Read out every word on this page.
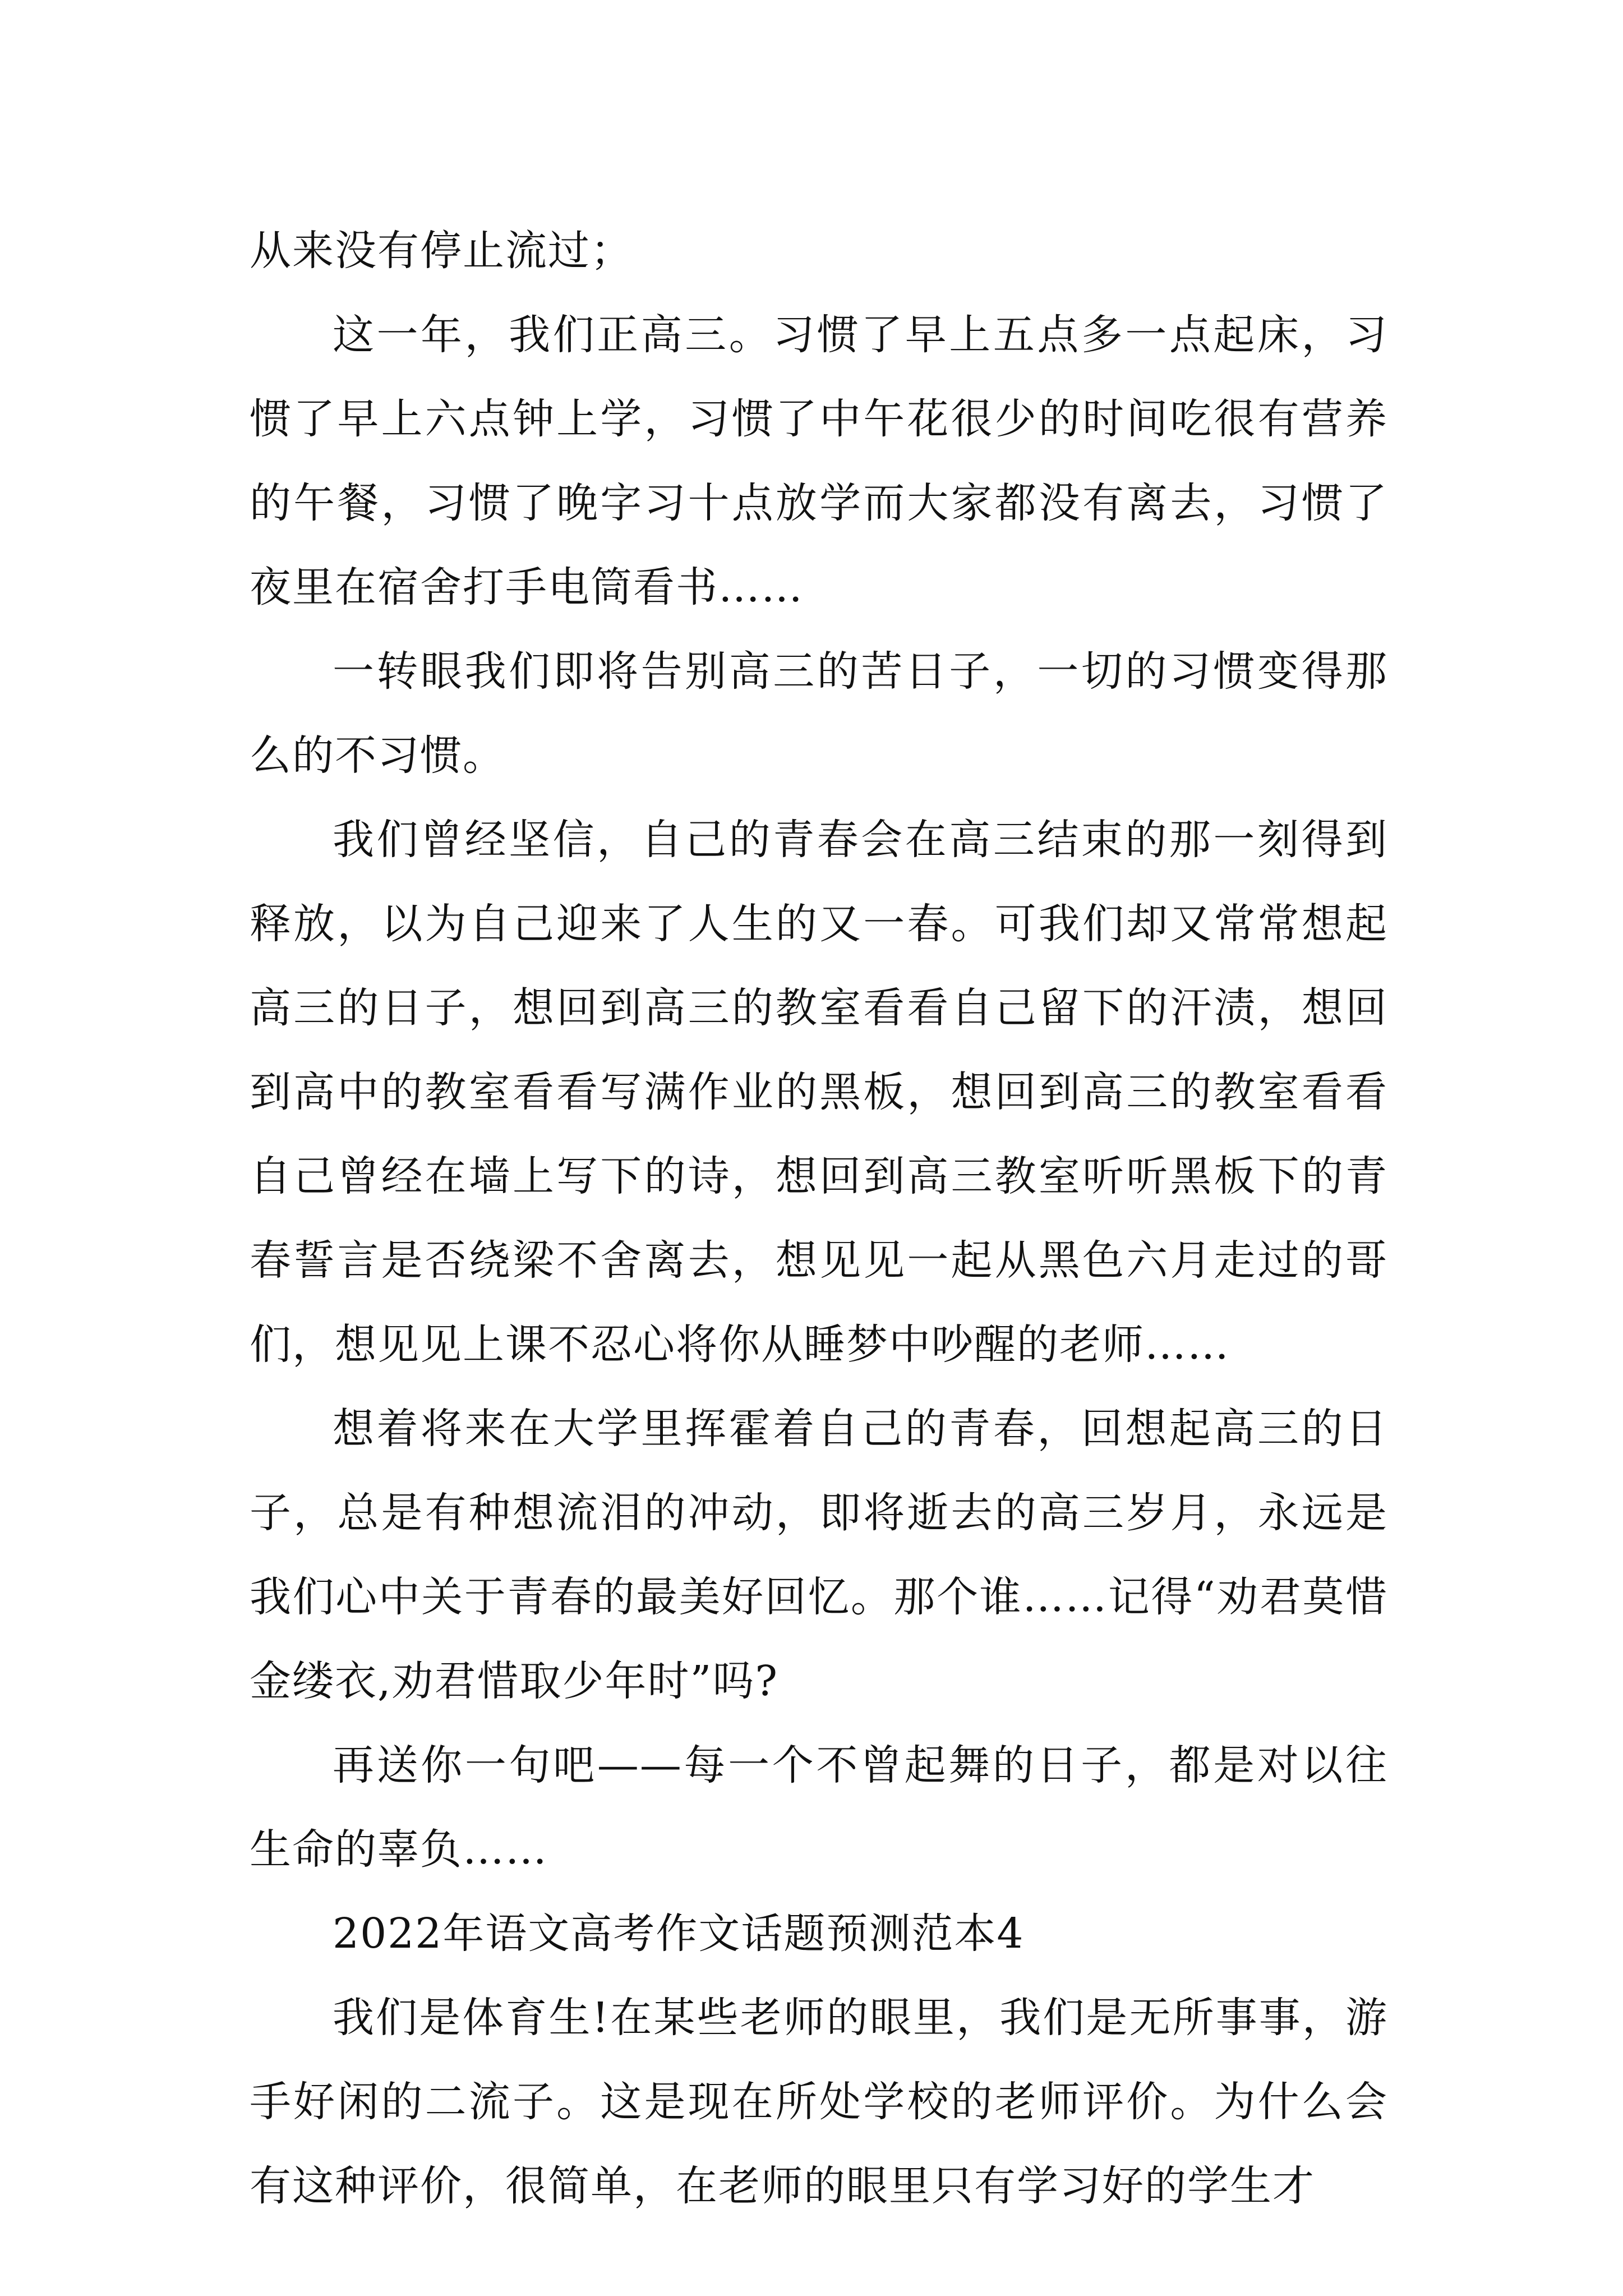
从来没有停止流过；

这一年，我们正高三。习惯了早上五点多一点起床，习惯了早上六点钟上学，习惯了中午花很少的时间吃很有营养的午餐，习惯了晚字习十点放学而大家都没有离去，习惯了夜里在宿舍打手电筒看书……

一转眼我们即将告别高三的苦日子，一切的习惯变得那么的不习惯。

我们曾经坚信，自己的青春会在高三结束的那一刻得到释放，以为自己迎来了人生的又一春。可我们却又常常想起高三的日子，想回到高三的教室看看自己留下的汗渍，想回到高中的教室看看写满作业的黑板，想回到高三的教室看看自己曾经在墙上写下的诗，想回到高三教室听听黑板下的青春誓言是否绕梁不舍离去，想见见一起从黑色六月走过的哥们，想见见上课不忍心将你从睡梦中吵醒的老师……

想着将来在大学里挥霍着自己的青春，回想起高三的日子，总是有种想流泪的冲动，即将逝去的高三岁月，永远是我们心中关于青春的最美好回忆。那个谁……记得“劝君莫惜金缕衣,劝君惜取少年时”吗?

再送你一句吧——每一个不曾起舞的日子，都是对以往生命的辜负……

2022年语文高考作文话题预测范本4

我们是体育生!在某些老师的眼里，我们是无所事事，游手好闲的二流子。这是现在所处学校的老师评价。为什么会有这种评价，很简单，在老师的眼里只有学习好的学生才
